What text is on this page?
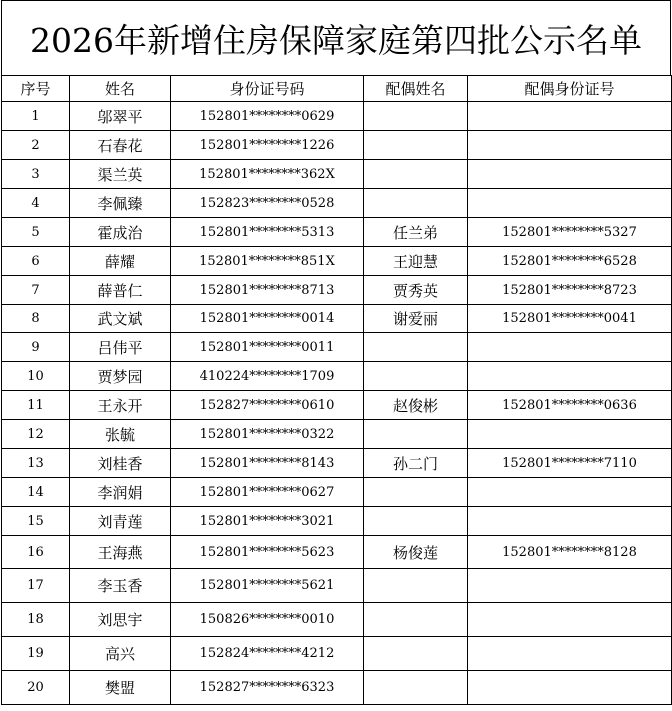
2026年新增住房保障家庭第四批公示名单
序号	姓名	身份证号码	配偶姓名	配偶身份证号
1	邬翠平	152801********0629		
2	石春花	152801********1226		
3	渠兰英	152801********362X		
4	李佩臻	152823********0528		
5	霍成治	152801********5313	任兰弟	152801********5327
6	薛耀	152801********851X	王迎慧	152801********6528
7	薛普仁	152801********8713	贾秀英	152801********8723
8	武文斌	152801********0014	谢爱丽	152801********0041
9	吕伟平	152801********0011		
10	贾梦园	410224********1709		
11	王永开	152827********0610	赵俊彬	152801********0636
12	张毓	152801********0322		
13	刘桂香	152801********8143	孙二门	152801********7110
14	李润娟	152801********0627		
15	刘青莲	152801********3021		
16	王海燕	152801********5623	杨俊莲	152801********8128
17	李玉香	152801********5621		
18	刘思宇	150826********0010		
19	高兴	152824********4212		
20	樊盟	152827********6323		
